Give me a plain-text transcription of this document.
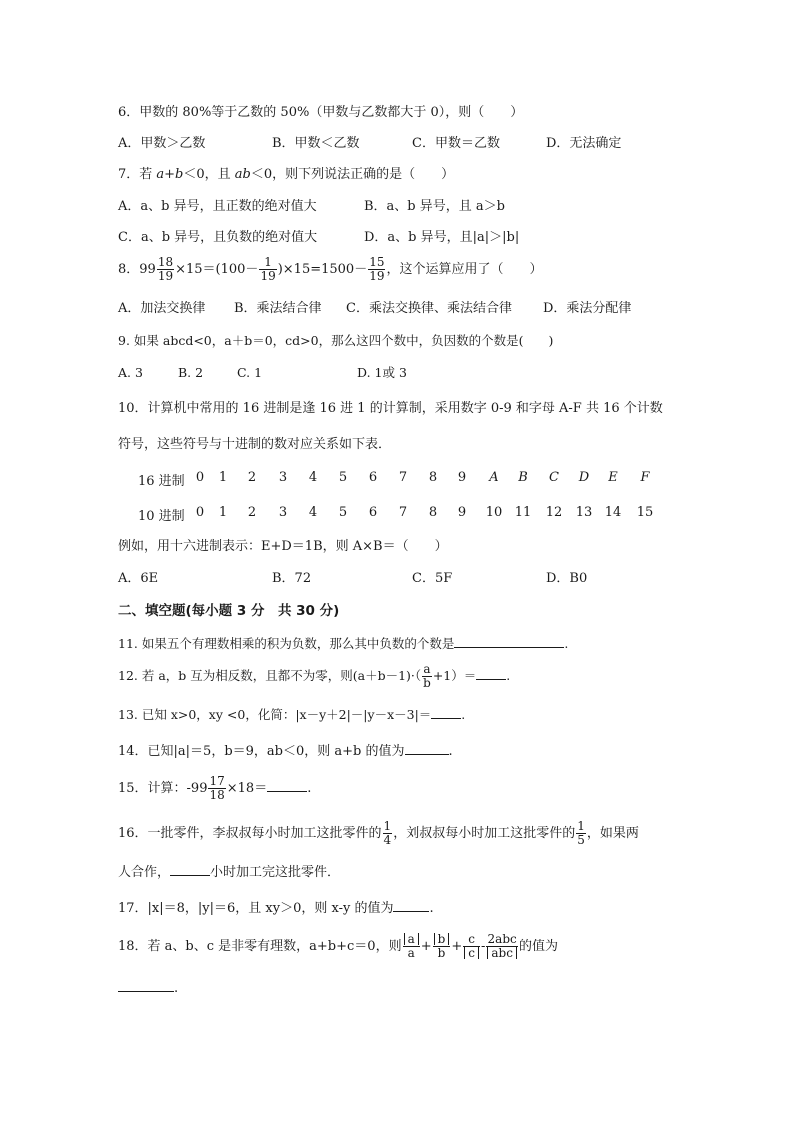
6．甲数的 80%等于乙数的 50%（甲数与乙数都大于 0），则（　　）
A．甲数＞乙数	B．甲数＜乙数	C．甲数＝乙数	D．无法确定
7．若 a+b＜0，且 ab＜0，则下列说法正确的是（　　）
A．a、b 异号，且正数的绝对值大	B．a、b 异号，且 a＞b
C．a、b 异号，且负数的绝对值大	D．a、b 异号，且|a|＞|b|
8．$99 \frac{18}{19} \times 15=(100- \frac{1}{19} )\times 15=1500- \frac{15}{19}$ ，这个运算应用了（　　）
A．加法交换律 B．乘法结合律 C．乘法交换律、乘法结合律 D．乘法分配律
9. 如果 abcd<0，a＋b＝0，cd>0，那么这四个数中，负因数的个数是(　　)
A. 3	B. 2	C. 1	D. 1或 3
10．计算机中常用的 16 进制是逢 16 进 1 的计算制，采用数字 0-9 和字母 A-F 共 16 个计数
符号，这些符号与十进制的数对应关系如下表．
16 进制 0	1	2	3	4	5	6	7	8	9	A	B	C	D	E	F
10 进制 0	1	2	3	4	5	6	7	8	9	10 11 12 13 14 15
例如，用十六进制表示：E+D＝1B，则 A×B＝（　　）
A．6E	B．72	C．5F	D．B0
二、填空题(每小题 3 分　共 30 分)
11. 如果五个有理数相乘的积为负数，那么其中负数的个数是	.
12. 若 a，b 互为相反数，且都不为零，则$(a+b-1)\cdot( \frac{a}{b} +1)=$ .
13. 已知 x>0，xy <0，化简：|x－y＋2|－|y－x－3|＝ .
14．已知|a|＝5，b＝9，ab＜0，则 a+b 的值为	.
15．计算：$-99 \frac{17}{18} \times 18=$	.
16．一批零件，李叔叔每小时加工这批零件的 $\frac{1}{4}$ ，刘叔叔每小时加工这批零件的 $\frac{1}{5}$ ，如果两
人合作，	小时加工完这批零件．
17．|x|＝8，|y|＝6，且 xy＞0，则 x-y 的值为	.
18．若 a、b、c 是非零有理数，a+b+c＝0，则 $\frac{a}{a} + \frac{b}{b} + \frac{c}{c} - \frac{\text{2abc}}{\text{abc}}$ 的值为
.
